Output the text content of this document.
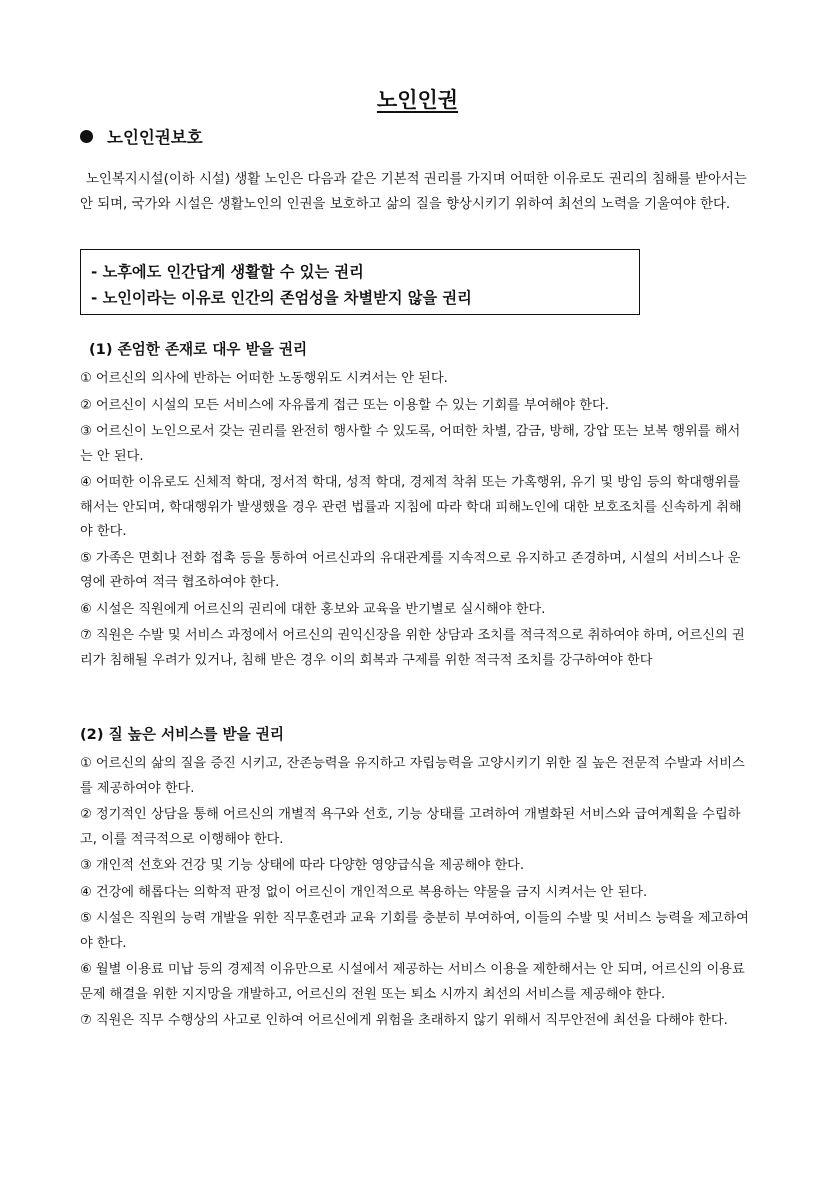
노인인권
노인인권보호
노인복지시설(이하 시설) 생활 노인은 다음과 같은 기본적 권리를 가지며 어떠한 이유로도 권리의 침해를 받아서는 안 되며, 국가와 시설은 생활노인의 인권을 보호하고 삶의 질을 향상시키기 위하여 최선의 노력을 기울여야 한다.
- 노후에도 인간답게 생활할 수 있는 권리
- 노인이라는 이유로 인간의 존엄성을 차별받지 않을 권리
(1) 존엄한 존재로 대우 받을 권리
① 어르신의 의사에 반하는 어떠한 노동행위도 시켜서는 안 된다.
② 어르신이 시설의 모든 서비스에 자유롭게 접근 또는 이용할 수 있는 기회를 부여해야 한다.
③ 어르신이 노인으로서 갖는 권리를 완전히 행사할 수 있도록, 어떠한 차별, 감금, 방해, 강압 또는 보복 행위를 해서는 안 된다.
④ 어떠한 이유로도 신체적 학대, 정서적 학대, 성적 학대, 경제적 착취 또는 가혹행위, 유기 및 방임 등의 학대행위를 해서는 안되며, 학대행위가 발생했을 경우 관련 법률과 지침에 따라 학대 피해노인에 대한 보호조치를 신속하게 취해야 한다.
⑤ 가족은 면회나 전화 접촉 등을 통하여 어르신과의 유대관계를 지속적으로 유지하고 존경하며, 시설의 서비스나 운영에 관하여 적극 협조하여야 한다.
⑥ 시설은 직원에게 어르신의 권리에 대한 홍보와 교육을 반기별로 실시해야 한다.
⑦ 직원은 수발 및 서비스 과정에서 어르신의 권익신장을 위한 상담과 조치를 적극적으로 취하여야 하며, 어르신의 권리가 침해될 우려가 있거나, 침해 받은 경우 이의 회복과 구제를 위한 적극적 조치를 강구하여야 한다
(2) 질 높은 서비스를 받을 권리
① 어르신의 삶의 질을 증진 시키고, 잔존능력을 유지하고 자립능력을 고양시키기 위한 질 높은 전문적 수발과 서비스를 제공하여야 한다.
② 정기적인 상담을 통해 어르신의 개별적 욕구와 선호, 기능 상태를 고려하여 개별화된 서비스와 급여계획을 수립하고, 이를 적극적으로 이행해야 한다.
③ 개인적 선호와 건강 및 기능 상태에 따라 다양한 영양급식을 제공해야 한다.
④ 건강에 해롭다는 의학적 판정 없이 어르신이 개인적으로 복용하는 약물을 금지 시켜서는 안 된다.
⑤ 시설은 직원의 능력 개발을 위한 직무훈련과 교육 기회를 충분히 부여하여, 이들의 수발 및 서비스 능력을 제고하여야 한다.
⑥ 월별 이용료 미납 등의 경제적 이유만으로 시설에서 제공하는 서비스 이용을 제한해서는 안 되며, 어르신의 이용료 문제 해결을 위한 지지망을 개발하고, 어르신의 전원 또는 퇴소 시까지 최선의 서비스를 제공해야 한다.
⑦ 직원은 직무 수행상의 사고로 인하여 어르신에게 위험을 초래하지 않기 위해서 직무안전에 최선을 다해야 한다.
